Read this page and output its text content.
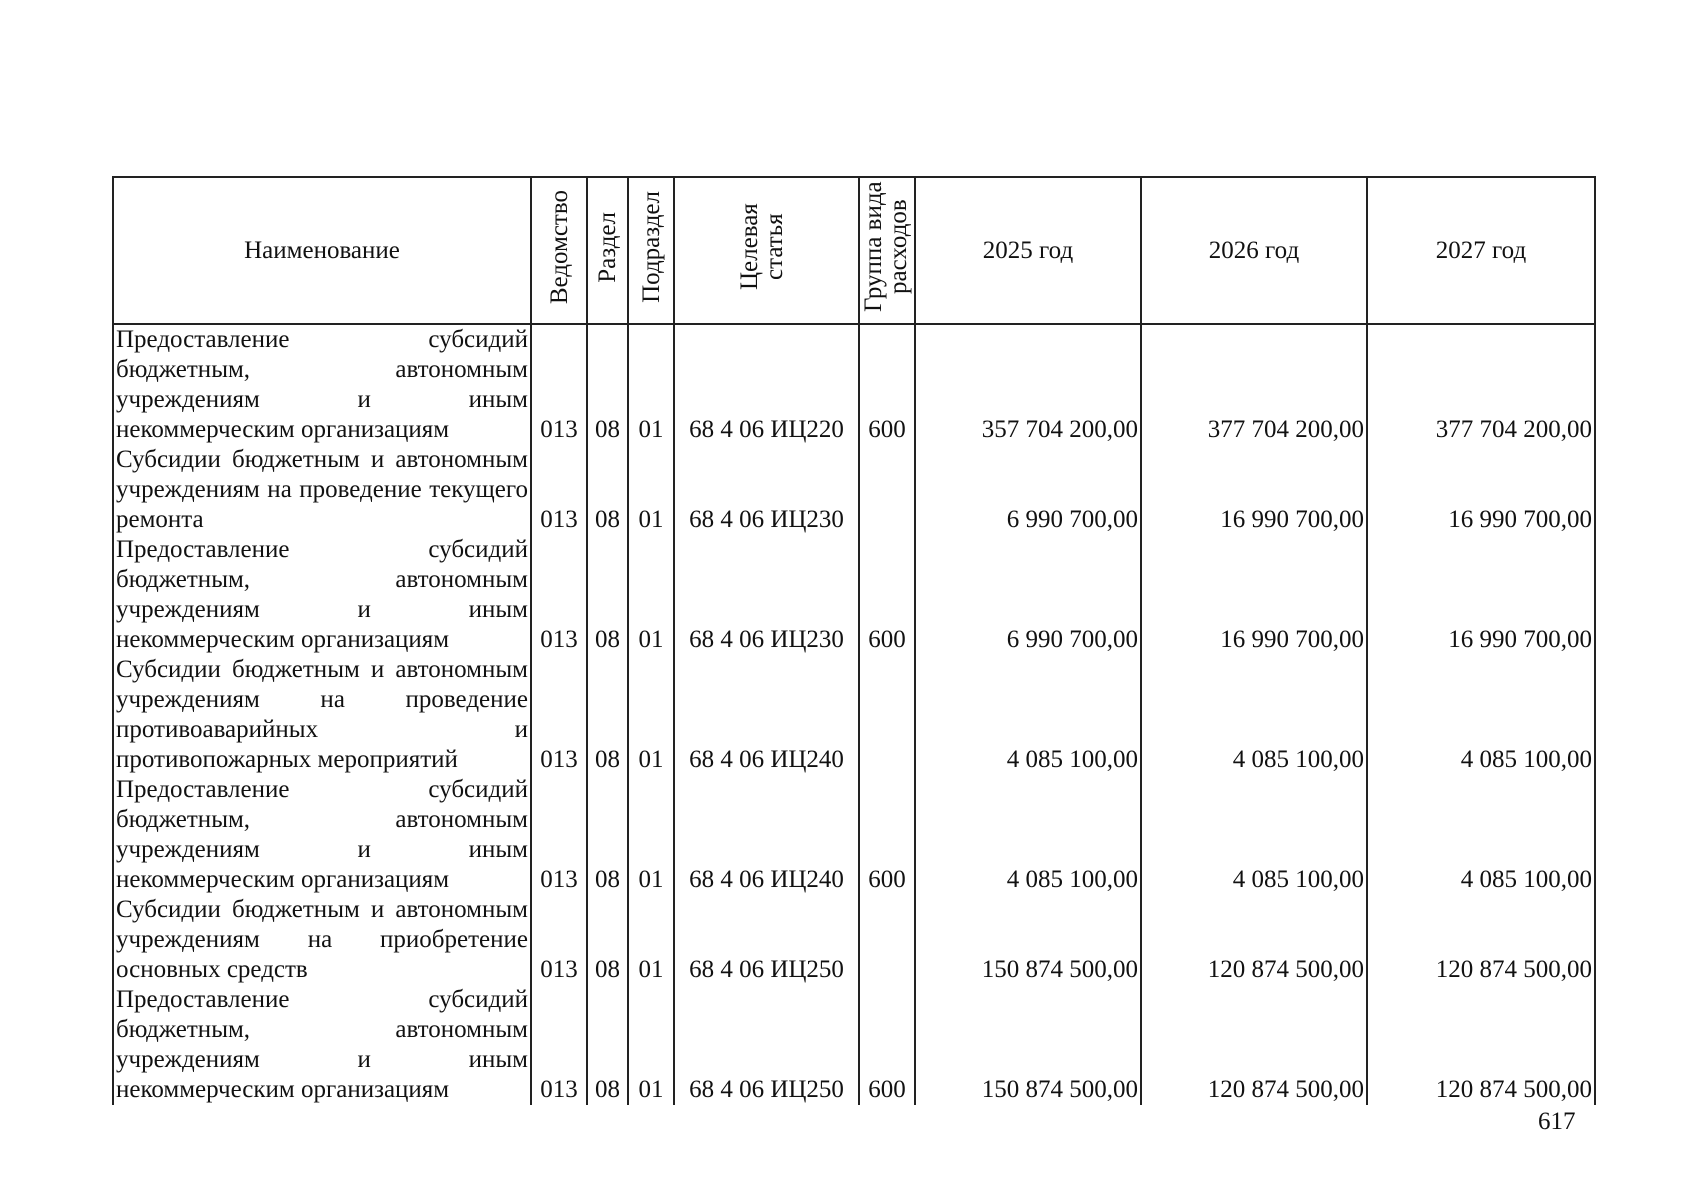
Наименование	Ведомство	Раздел	Подраздел	Целевая статья	Группа вида расходов	2025 год	2026 год	2027 год
Предоставление субсидий бюджетным, автономным учреждениям и иным некоммерческим организациям	013	08	01	68 4 06 ИЦ220	600	357 704 200,00	377 704 200,00	377 704 200,00
Субсидии бюджетным и автономным учреждениям на проведение текущего ремонта	013	08	01	68 4 06 ИЦ230		6 990 700,00	16 990 700,00	16 990 700,00
Предоставление субсидий бюджетным, автономным учреждениям и иным некоммерческим организациям	013	08	01	68 4 06 ИЦ230	600	6 990 700,00	16 990 700,00	16 990 700,00
Субсидии бюджетным и автономным учреждениям на проведение противоаварийных и противопожарных мероприятий	013	08	01	68 4 06 ИЦ240		4 085 100,00	4 085 100,00	4 085 100,00
Предоставление субсидий бюджетным, автономным учреждениям и иным некоммерческим организациям	013	08	01	68 4 06 ИЦ240	600	4 085 100,00	4 085 100,00	4 085 100,00
Субсидии бюджетным и автономным учреждениям на приобретение основных средств	013	08	01	68 4 06 ИЦ250		150 874 500,00	120 874 500,00	120 874 500,00
Предоставление субсидий бюджетным, автономным учреждениям и иным некоммерческим организациям	013	08	01	68 4 06 ИЦ250	600	150 874 500,00	120 874 500,00	120 874 500,00
617
